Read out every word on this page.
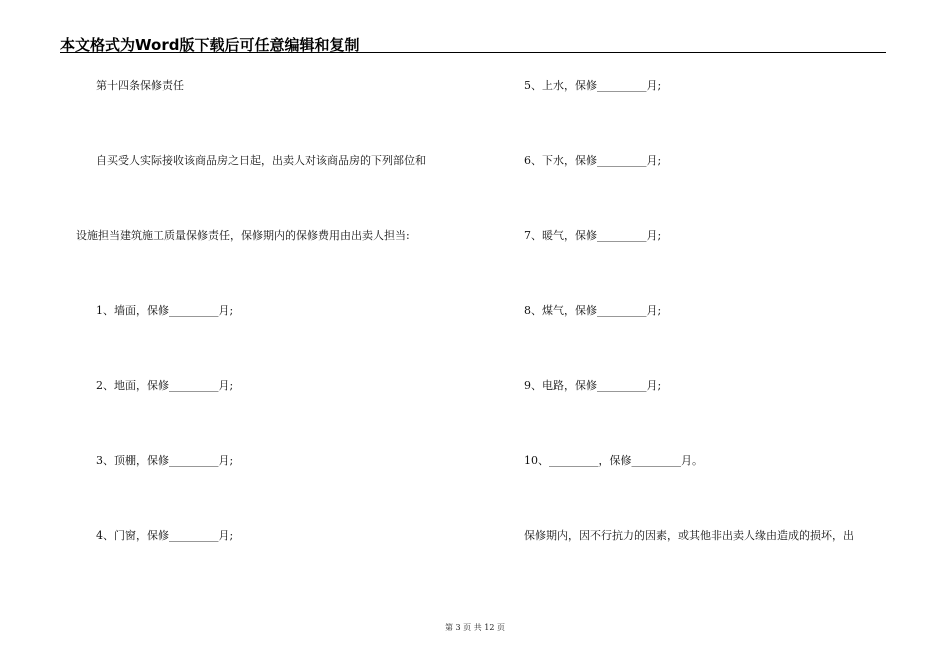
本文格式为Word版下载后可任意编辑和复制
第十四条保修责任
自买受人实际接收该商品房之日起，出卖人对该商品房的下列部位和
设施担当建筑施工质量保修责任，保修期内的保修费用由出卖人担当:
1、墙面，保修_________月;
2、地面，保修_________月;
3、顶棚，保修_________月;
4、门窗，保修_________月;
5、上水，保修_________月;
6、下水，保修_________月;
7、暖气，保修_________月;
8、煤气，保修_________月;
9、电路，保修_________月;
10、_________，保修_________月。
保修期内，因不行抗力的因素，或其他非出卖人缘由造成的损坏，出
第 3 页 共 12 页
